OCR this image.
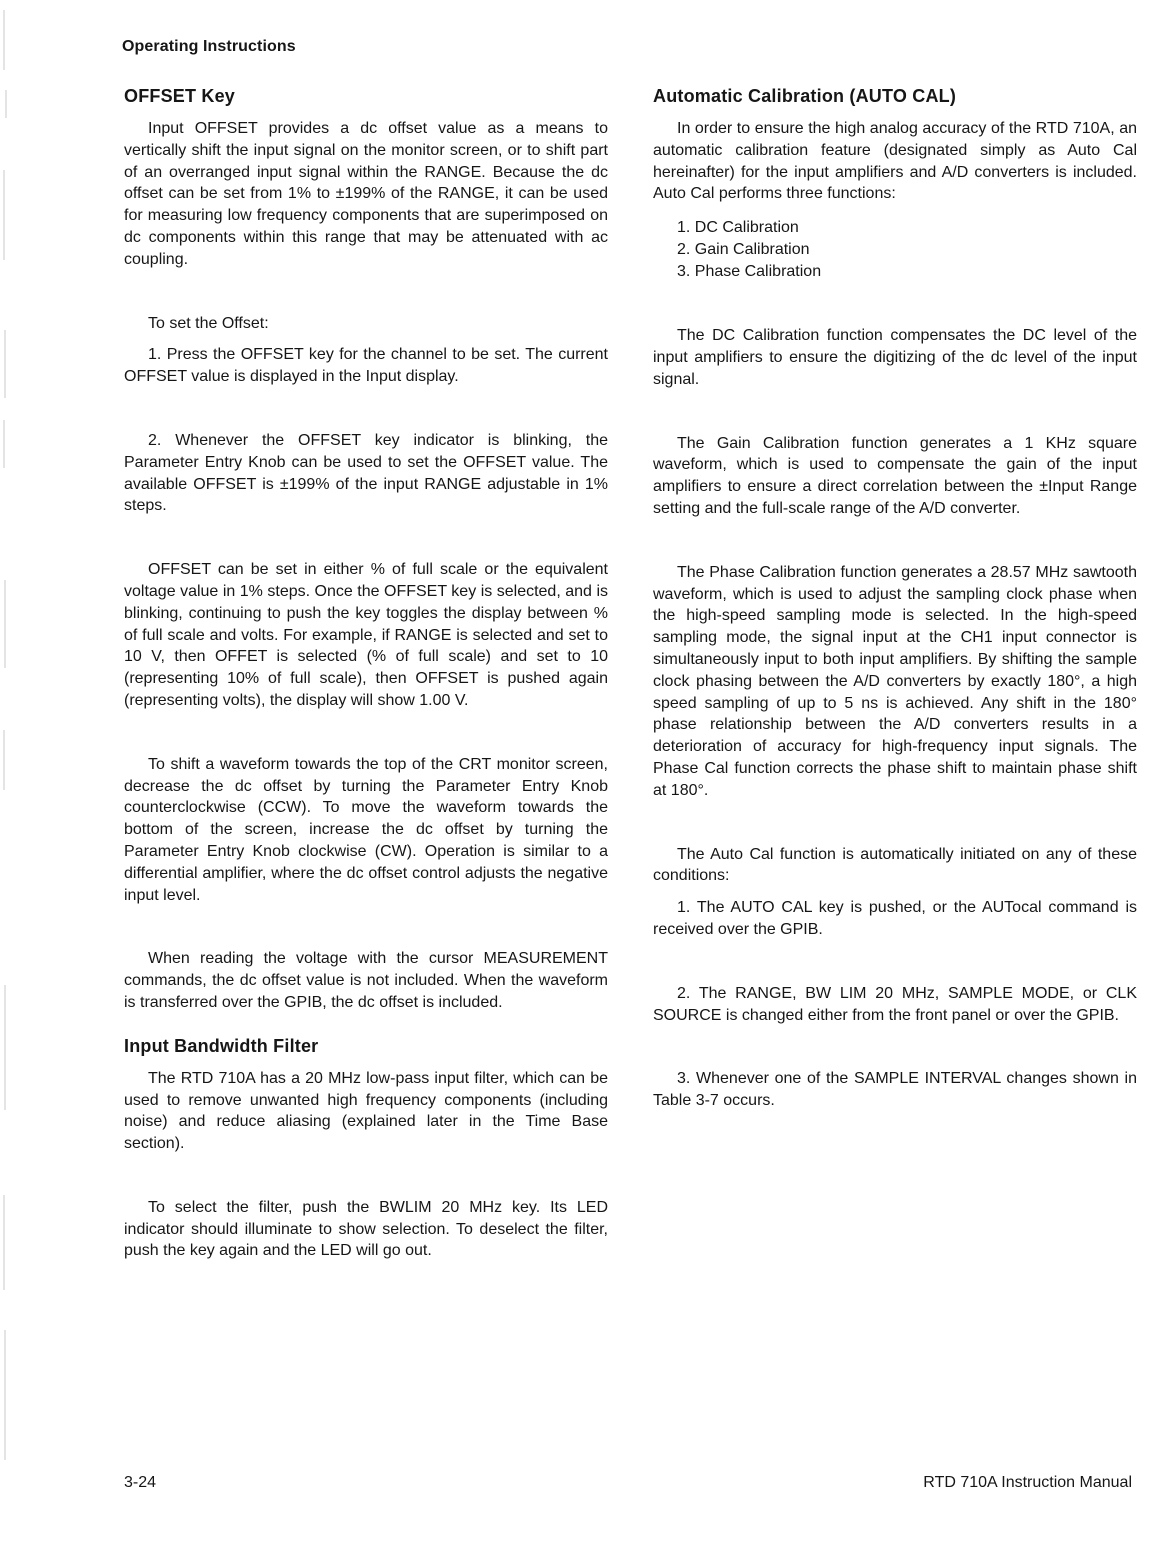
Operating Instructions
OFFSET Key

Input OFFSET provides a dc offset value as a means to vertically shift the input signal on the monitor screen, or to shift part of an overranged input signal within the RANGE. Because the dc offset can be set from 1% to ±199% of the RANGE, it can be used for measuring low frequency components that are superimposed on dc components within this range that may be attenuated with ac coupling.

To set the Offset:

1. Press the OFFSET key for the channel to be set. The current OFFSET value is displayed in the Input display.

2. Whenever the OFFSET key indicator is blinking, the Parameter Entry Knob can be used to set the OFFSET value. The available OFFSET is ±199% of the input RANGE adjustable in 1% steps.

OFFSET can be set in either % of full scale or the equivalent voltage value in 1% steps. Once the OFFSET key is selected, and is blinking, continuing to push the key toggles the display between % of full scale and volts. For example, if RANGE is selected and set to 10 V, then OFFET is selected (% of full scale) and set to 10 (representing 10% of full scale), then OFFSET is pushed again (representing volts), the display will show 1.00 V.

To shift a waveform towards the top of the CRT monitor screen, decrease the dc offset by turning the Parameter Entry Knob counterclockwise (CCW). To move the waveform towards the bottom of the screen, increase the dc offset by turning the Parameter Entry Knob clockwise (CW). Operation is similar to a differential amplifier, where the dc offset control adjusts the negative input level.

When reading the voltage with the cursor MEASUREMENT commands, the dc offset value is not included. When the waveform is transferred over the GPIB, the dc offset is included.

Input Bandwidth Filter

The RTD 710A has a 20 MHz low-pass input filter, which can be used to remove unwanted high frequency components (including noise) and reduce aliasing (explained later in the Time Base section).

To select the filter, push the BWLIM 20 MHz key. Its LED indicator should illuminate to show selection. To deselect the filter, push the key again and the LED will go out.

Automatic Calibration (AUTO CAL)

In order to ensure the high analog accuracy of the RTD 710A, an automatic calibration feature (designated simply as Auto Cal hereinafter) for the input amplifiers and A/D converters is included. Auto Cal performs three functions:

1. DC Calibration
2. Gain Calibration
3. Phase Calibration

The DC Calibration function compensates the DC level of the input amplifiers to ensure the digitizing of the dc level of the input signal.

The Gain Calibration function generates a 1 KHz square waveform, which is used to compensate the gain of the input amplifiers to ensure a direct correlation between the ±Input Range setting and the full-scale range of the A/D converter.

The Phase Calibration function generates a 28.57 MHz sawtooth waveform, which is used to adjust the sampling clock phase when the high-speed sampling mode is selected. In the high-speed sampling mode, the signal input at the CH1 input connector is simultaneously input to both input amplifiers. By shifting the sample clock phasing between the A/D converters by exactly 180°, a high speed sampling of up to 5 ns is achieved. Any shift in the 180° phase relationship between the A/D converters results in a deterioration of accuracy for high-frequency input signals. The Phase Cal function corrects the phase shift to maintain phase shift at 180°.

The Auto Cal function is automatically initiated on any of these conditions:

1. The AUTO CAL key is pushed, or the AUTocal command is received over the GPIB.

2. The RANGE, BW LIM 20 MHz, SAMPLE MODE, or CLK SOURCE is changed either from the front panel or over the GPIB.

3. Whenever one of the SAMPLE INTERVAL changes shown in Table 3-7 occurs.

3-24	RTD 710A Instruction Manual
